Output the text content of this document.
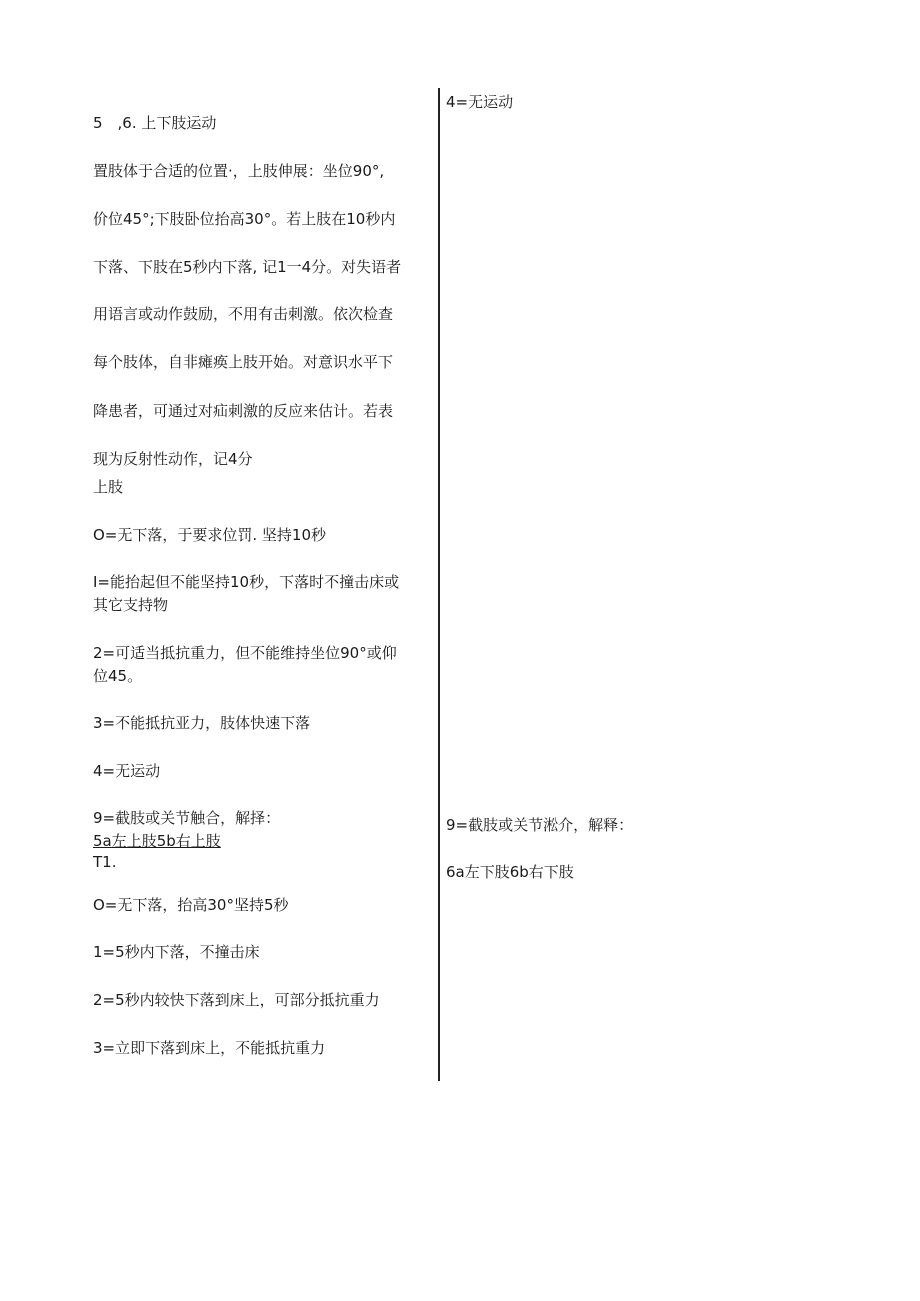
5　,6. 上下肢运动
置肢体于合适的位置·，上肢伸展：坐位90°,
价位45°;下肢卧位抬高30°。若上肢在10秒内
下落、下肢在5秒内下落, 记1一4分。对失语者
用语言或动作鼓励，不用有击刺激。依次检查
每个肢体，自非瘫痪上肢开始。对意识水平下
降患者，可通过对疝刺激的反应来估计。若表
现为反射性动作，记4分
上肢
O=无下落，于要求位罚. 坚持10秒
I=能抬起但不能坚持10秒，下落时不撞击床或
其它支持物
2=可适当抵抗重力，但不能维持坐位90°或仰
位45。
3=不能抵抗亚力，肢体快速下落
4=无运动
9=截肢或关节触合，解择：
5a左上肢5b右上肢
T1.
O=无下落，抬高30°坚持5秒
1=5秒内下落，不撞击床
2=5秒内较快下落到床上，可部分抵抗重力
3=立即下落到床上，不能抵抗重力
4=无运动
9=截肢或关节淞介，解释：
6a左下肢6b右下肢
